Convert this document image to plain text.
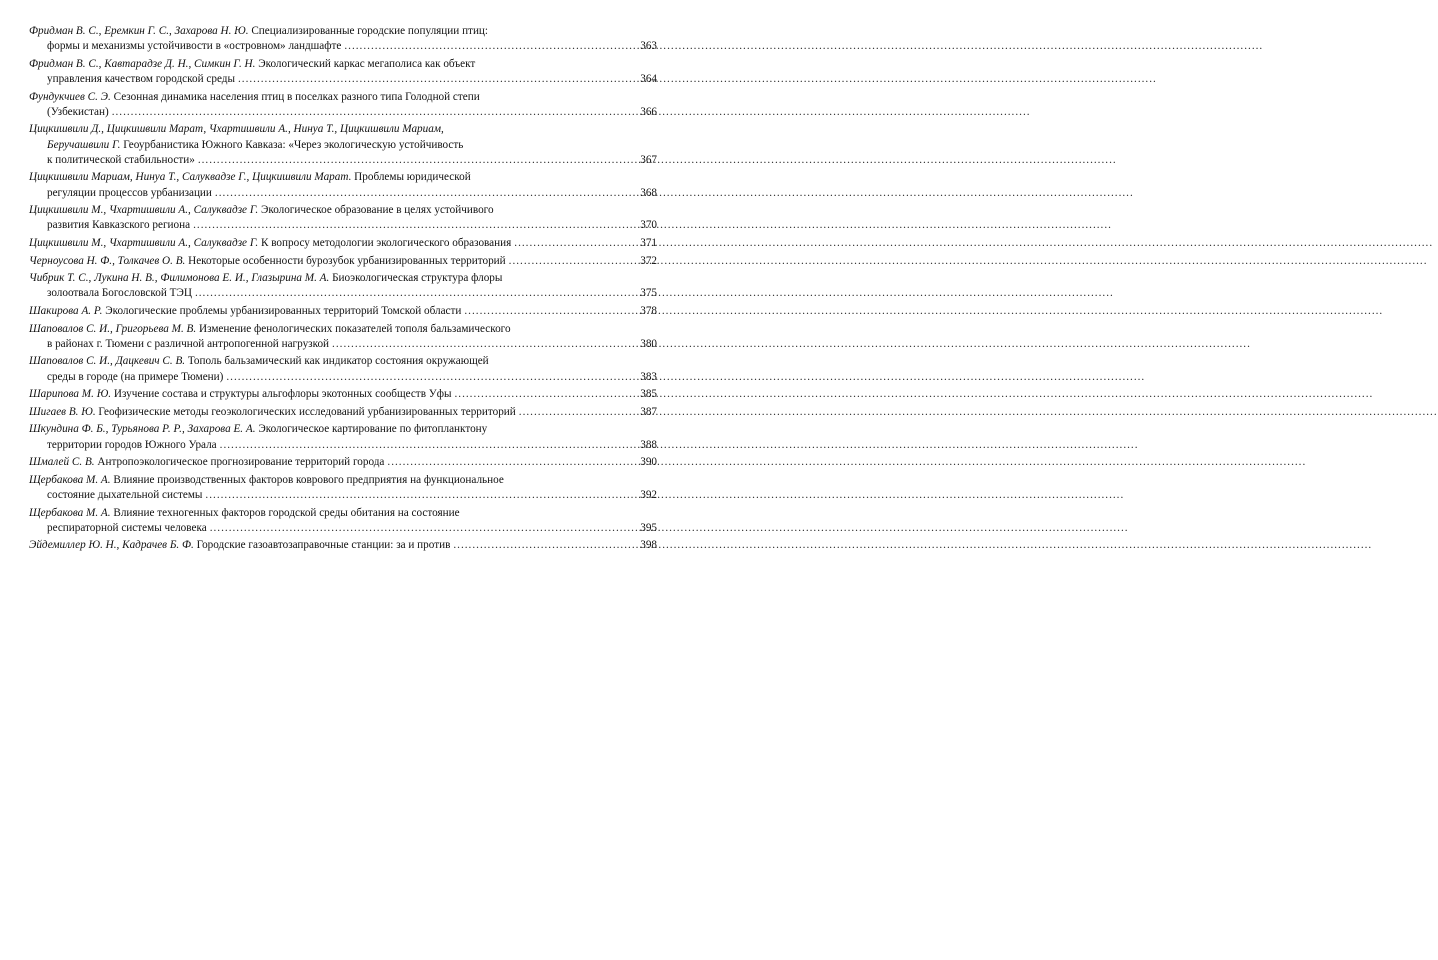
Фридман В. С., Еремкин Г. С., Захарова Н. Ю. Специализированные городские популяции птиц:
формы и механизмы устойчивости в «островном» ландшафте .....	363
Фридман В. С., Кавтарадзе Д. Н., Симкин Г. Н. Экологический каркас мегаполиса как объект
управления качеством городской среды .....	364
Фундукчиев С. Э. Сезонная динамика населения птиц в поселках разного типа Голодной степи
(Узбекистан) .....	366
Цицкишвили Д., Цицкишвили Марат, Чхартишвили А., Нинуа Т., Цицкишвили Мариам,
Беручашвили Г. Геоурбанистика Южного Кавказа: «Через экологическую устойчивость
к политической стабильности» .....	367
Цицкишвили Мариам, Нинуа Т., Салуквадзе Г., Цицкишвили Марат. Проблемы юридической
регуляции процессов урбанизации .....	368
Цицкишвили М., Чхартишвили А., Салуквадзе Г. Экологическое образование в целях устойчивого
развития Кавказского региона .....	370
Цицкишвили М., Чхартишвили А., Салуквадзе Г. К вопросу методологии экологического образования .....	371
Черноусова Н. Ф., Толкачев О. В. Некоторые особенности бурозубок урбанизированных территорий .....	372
Чибрик Т. С., Лукина Н. В., Филимонова Е. И., Глазырина М. А. Биоэкологическая структура флоры
золоотвала Богословской ТЭЦ .....	375
Шакирова А. Р. Экологические проблемы урбанизированных территорий Томской области .....	378
Шаповалов С. И., Григорьева М. В. Изменение фенологических показателей тополя бальзамического
в районах г. Тюмени с различной антропогенной нагрузкой .....	380
Шаповалов С. И., Дацкевич С. В. Тополь бальзамический как индикатор состояния окружающей
среды в городе (на примере Тюмени) .....	383
Шарипова М. Ю. Изучение состава и структуры альгофлоры экотонных сообществ Уфы .....	385
Шигаев В. Ю. Геофизические методы геоэкологических исследований урбанизированных территорий .....	387
Шкундина Ф. Б., Турьянова Р. Р., Захарова Е. А. Экологическое картирование по фитопланктону
территории городов Южного Урала .....	388
Шмалей С. В. Антропоэкологическое прогнозирование территорий города .....	390
Щербакова М. А. Влияние производственных факторов коврового предприятия на функциональное
состояние дыхательной системы .....	392
Щербакова М. А. Влияние техногенных факторов городской среды обитания на состояние
респираторной системы человека .....	395
Эйдемиллер Ю. Н., Кадрачев Б. Ф. Городские газоавтозаправочные станции: за и против .....	398
